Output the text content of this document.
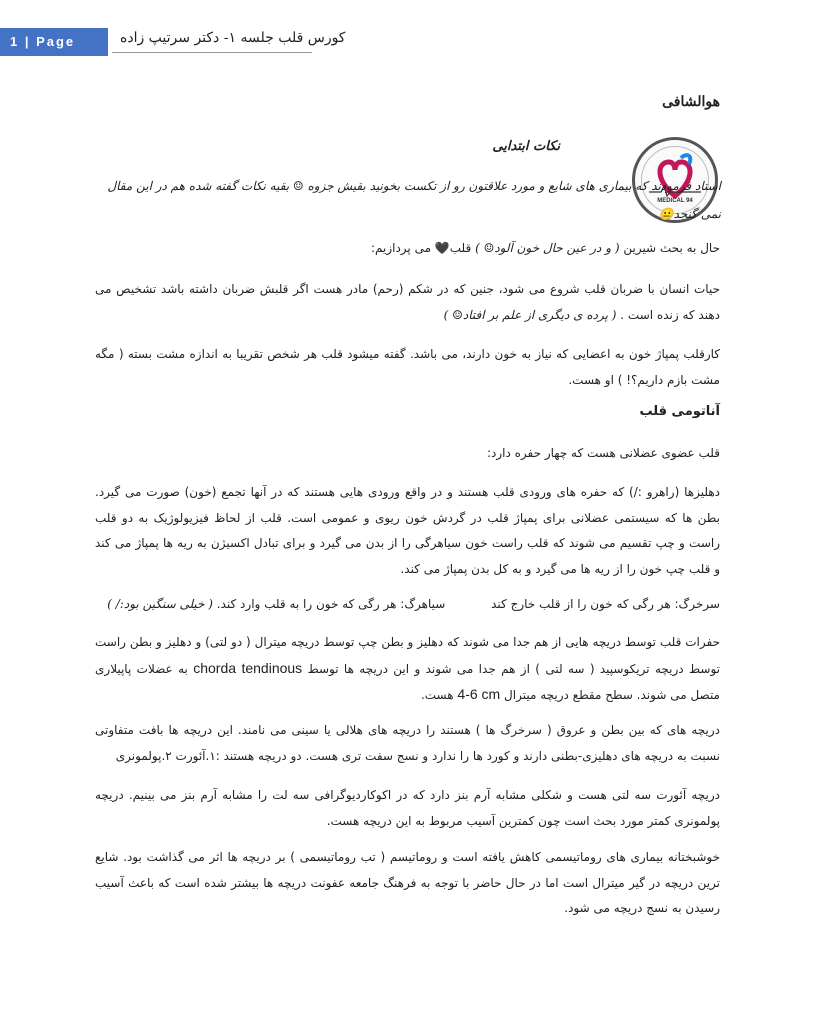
1 | Page	کورس قلب جلسه ۱- دکتر سرتیپ زاده
هوالشافی
MEDICAL 94
نکات ابتدایی
استاد فرمودند که بیماری های شایع و مورد علاقتون رو از تکست بخونید بقیش جزوه ☺ بقیه نکات گفته شده هم در این مقال نمی گنجد😐

حال به بحث شیرین ( و در عین حال خون آلود☺ ) قلب🖤 می پردازیم:

حیات انسان با ضربان قلب شروع می شود، جنین که در شکم (رحم) مادر هست اگر قلبش ضربان داشته باشد تشخیص می دهند که زنده است . ( پرده ی دیگری از علم بر افتاد☺ )

کارقلب پمپاژ خون به اعضایی که نیاز به خون دارند، می باشد. گفته میشود قلب هر شخص تقریبا به اندازه مشت بسته ( مگه مشت بازم داریم؟! ) او هست.

آناتومی قلب

قلب عضوی عضلانی هست که چهار حفره دارد:

دهلیزها (راهرو :/) که حفره های ورودی قلب هستند و در واقع ورودی هایی هستند که در آنها تجمع (خون) صورت می گیرد. بطن ها که سیستمی عضلانی برای پمپاژ قلب در گردش خون ریوی و عمومی است. قلب از لحاظ فیزیولوژیک به دو قلب راست و چپ تقسیم می شوند که قلب راست خون سیاهرگی را از بدن می گیرد و برای تبادل اکسیژن به ریه ها پمپاژ می کند و قلب چپ خون را از ریه ها می گیرد و به کل بدن پمپاژ می کند.

سرخرگ: هر رگی که خون را از قلب خارج کند            سیاهرگ: هر رگی که خون را به قلب وارد کند. ( خیلی سنگین بود:/ )

حفرات قلب توسط دریچه هایی از هم جدا می شوند که دهلیز و بطن چپ توسط دریچه میترال ( دو لتی) و دهلیز و بطن راست توسط دریچه تریکوسپید ( سه لتی ) از هم جدا می شوند و این دریچه ها توسط chorda tendinous به عضلات پاپیلاری متصل می شوند. سطح مقطع دریچه میترال 4-6 cm هست.

دریچه های که بین بطن و عروق ( سرخرگ ها ) هستند را دریچه های هلالی یا سینی می نامند. این دریچه ها بافت متفاوتی نسبت به دریچه های دهلیزی-بطنی دارند و کورد ها را ندارد و نسج سفت تری هست. دو دریچه هستند :۱.آئورت ۲.پولمونری

دریچه آئورت سه لتی هست و شکلی مشابه آرم بنز دارد که در اکوکاردیوگرافی سه لت را مشابه آرم بنز می بینیم. دریچه پولمونری کمتر مورد بحث است چون کمترین آسیب مربوط به این دریچه هست.

خوشبختانه بیماری های روماتیسمی کاهش یافته است و روماتیسم ( تب روماتیسمی ) بر دریچه ها اثر می گذاشت بود. شایع ترین دریچه در گیر میترال است اما در حال حاضر با توجه به فرهنگ جامعه عفونت دریچه ها بیشتر شده است که باعث آسیب رسیدن به نسج دریچه می شود.
